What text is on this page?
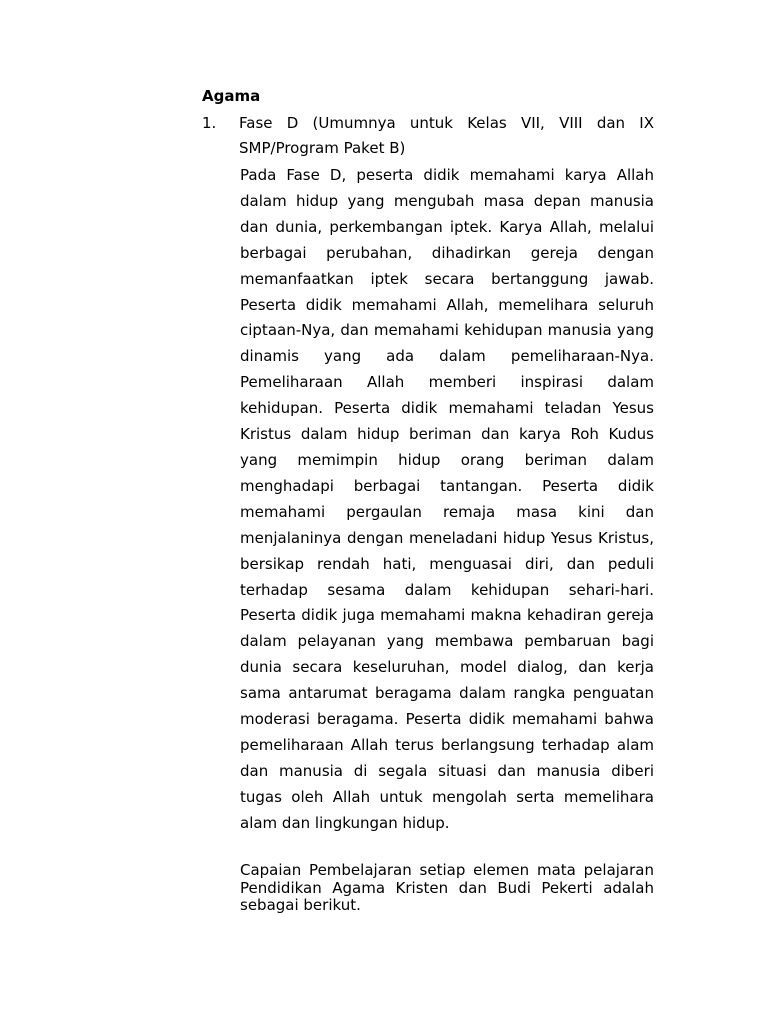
Agama
1. Fase D (Umumnya untuk Kelas VII, VIII dan IX SMP/Program Paket B)

Pada Fase D, peserta didik memahami karya Allah dalam hidup yang mengubah masa depan manusia dan dunia, perkembangan iptek. Karya Allah, melalui berbagai perubahan, dihadirkan gereja dengan memanfaatkan iptek secara bertanggung jawab. Peserta didik memahami Allah, memelihara seluruh ciptaan-Nya, dan memahami kehidupan manusia yang dinamis yang ada dalam pemeliharaan-Nya. Pemeliharaan Allah memberi inspirasi dalam kehidupan. Peserta didik memahami teladan Yesus Kristus dalam hidup beriman dan karya Roh Kudus yang memimpin hidup orang beriman dalam menghadapi berbagai tantangan. Peserta didik memahami pergaulan remaja masa kini dan menjalaninya dengan meneladani hidup Yesus Kristus, bersikap rendah hati, menguasai diri, dan peduli terhadap sesama dalam kehidupan sehari-hari. Peserta didik juga memahami makna kehadiran gereja dalam pelayanan yang membawa pembaruan bagi dunia secara keseluruhan, model dialog, dan kerja sama antarumat beragama dalam rangka penguatan moderasi beragama. Peserta didik memahami bahwa pemeliharaan Allah terus berlangsung terhadap alam dan manusia di segala situasi dan manusia diberi tugas oleh Allah untuk mengolah serta memelihara alam dan lingkungan hidup.

Capaian Pembelajaran setiap elemen mata pelajaran Pendidikan Agama Kristen dan Budi Pekerti adalah sebagai berikut.
